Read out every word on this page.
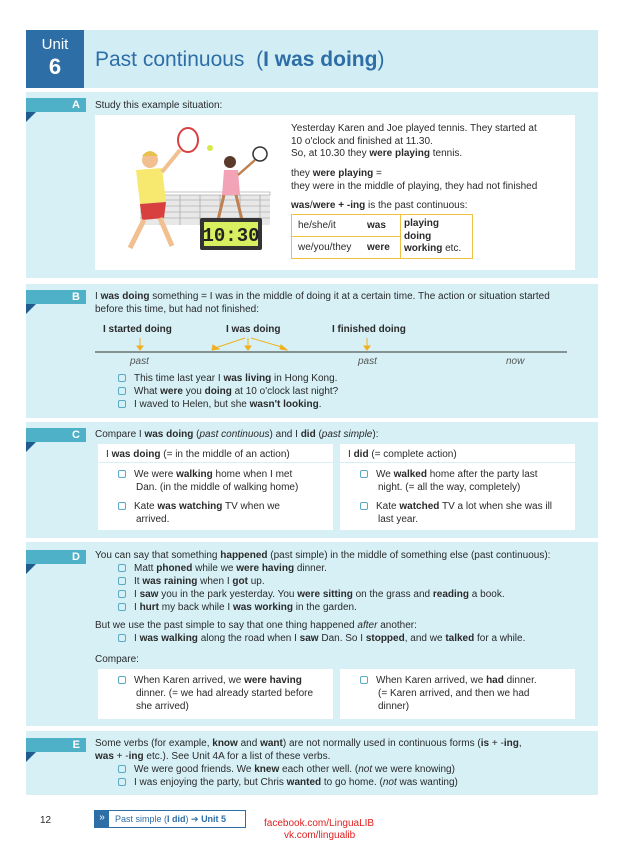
Unit
6	Past continuous (I was doing)
A	Study this example situation:
10:30
Yesterday Karen and Joe played tennis. They started at
10 o'clock and finished at 11.30.
So, at 10.30 they were playing tennis.
they were playing =
they were in the middle of playing, they had not finished
was/were + -ing is the past continuous:
he/she/it	was
we/you/they were
playing
doing
working etc.
B	I was doing something = I was in the middle of doing it at a certain time. The action or situation started
before this time, but had not finished:
I started doing	I was doing	I finished doing
past	past	now
This time last year I was living in Hong Kong.
What were you doing at 10 o'clock last night?
I waved to Helen, but she wasn't looking.
C	Compare I was doing (past continuous) and I did (past simple):
I was doing (= in the middle of an action)	I did (= complete action)
We were walking home when I met
Dan. (in the middle of walking home)
Kate was watching TV when we
arrived.
We walked home after the party last
night. (= all the way, completely)
Kate watched TV a lot when she was ill
last year.
D	You can say that something happened (past simple) in the middle of something else (past continuous):
Matt phoned while we were having dinner.
It was raining when I got up.
I saw you in the park yesterday. You were sitting on the grass and reading a book.
I hurt my back while I was working in the garden.
But we use the past simple to say that one thing happened after another:
I was walking along the road when I saw Dan. So I stopped, and we talked for a while.
Compare:
When Karen arrived, we were having
dinner. (= we had already started before
she arrived)
When Karen arrived, we had dinner.
(= Karen arrived, and then we had
dinner)
E	Some verbs (for example, know and want) are not normally used in continuous forms (is + -ing,
was + -ing etc.). See Unit 4A for a list of these verbs.
We were good friends. We knew each other well. (not we were knowing)
I was enjoying the party, but Chris wanted to go home. (not was wanting)
12	»	Past simple (I did) ➔ Unit 5	facebook.com/LinguaLIB
vk.com/lingualib
